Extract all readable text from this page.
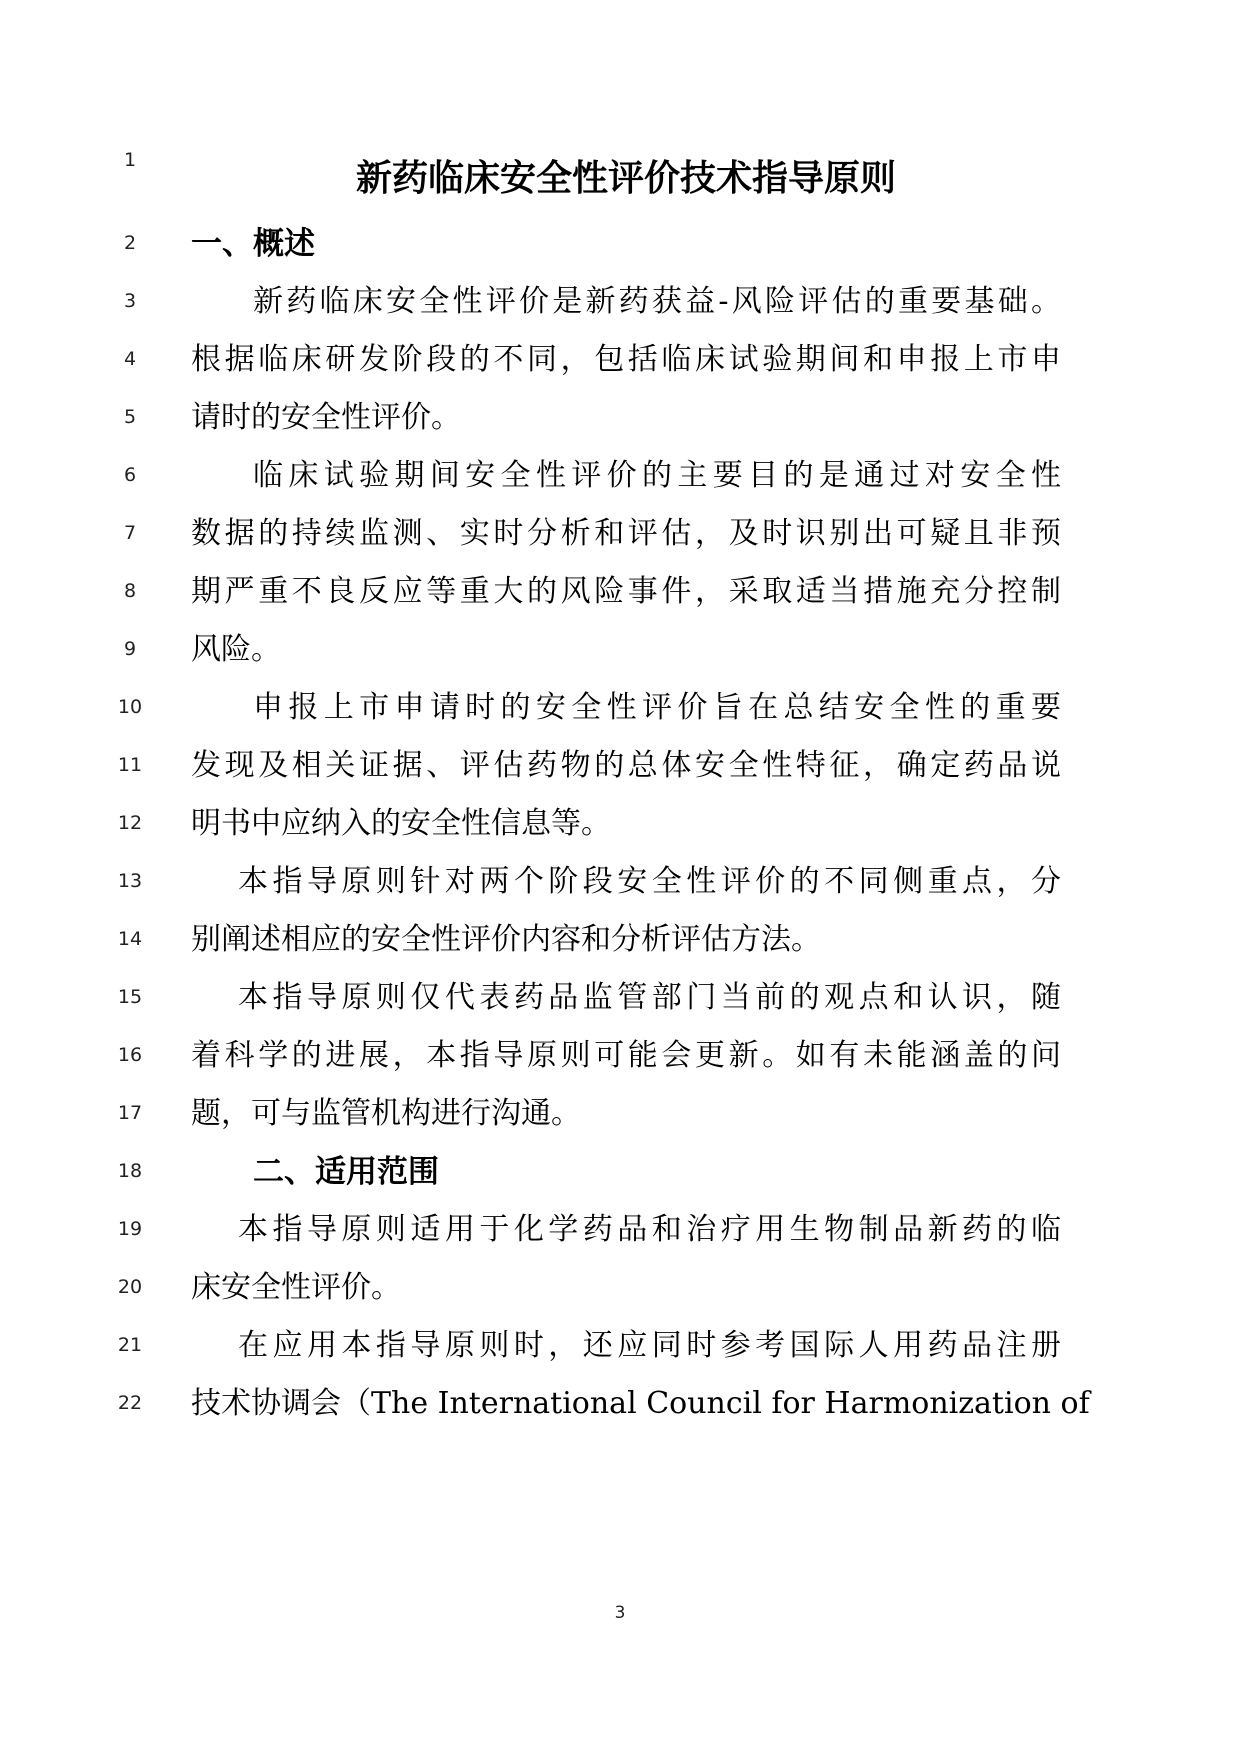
新药临床安全性评价技术指导原则
1
2	一、概述
3	新药临床安全性评价是新药获益-风险评估的重要基础。
4	根据临床研发阶段的不同，包括临床试验期间和申报上市申
5	请时的安全性评价。
6	临床试验期间安全性评价的主要目的是通过对安全性
7	数据的持续监测、实时分析和评估，及时识别出可疑且非预
8	期严重不良反应等重大的风险事件，采取适当措施充分控制
9	风险。
10	申报上市申请时的安全性评价旨在总结安全性的重要
11	发现及相关证据、评估药物的总体安全性特征，确定药品说
12	明书中应纳入的安全性信息等。
13	本指导原则针对两个阶段安全性评价的不同侧重点，分
14	别阐述相应的安全性评价内容和分析评估方法。
15	本指导原则仅代表药品监管部门当前的观点和认识，随
16	着科学的进展，本指导原则可能会更新。如有未能涵盖的问
17	题，可与监管机构进行沟通。
18	二、适用范围
19	本指导原则适用于化学药品和治疗用生物制品新药的临
20	床安全性评价。
21	在应用本指导原则时，还应同时参考国际人用药品注册
22	技术协调会（The International Council for Harmonization of
3
